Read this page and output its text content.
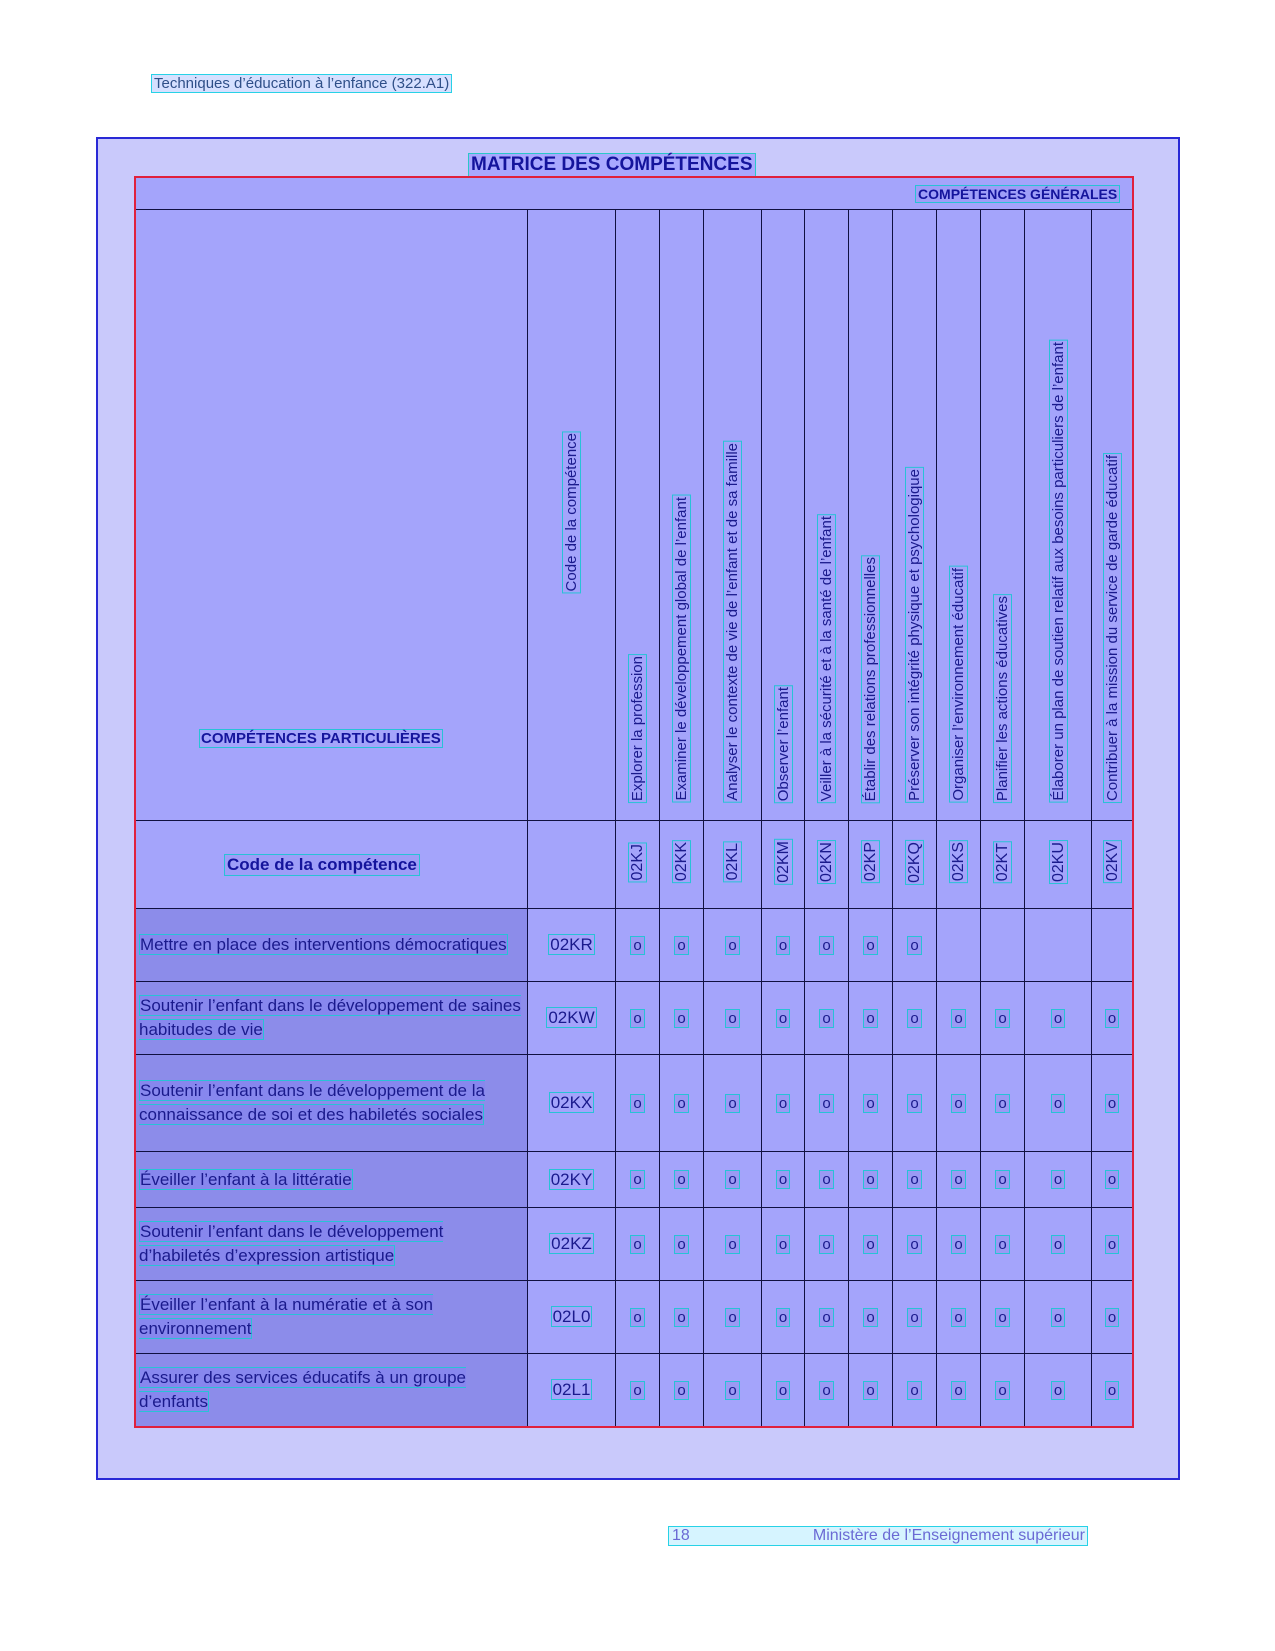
Techniques d’éducation à l’enfance (322.A1)
MATRICE DES COMPÉTENCES
COMPÉTENCES GÉNÉRALES												

COMPÉTENCES PARTICULIÈRES	Code de la compétence	Explorer la profession	Examiner le développement global de l’enfant	Analyser le contexte de vie de l’enfant et de sa famille	Observer l’enfant	Veiller à la sécurité et à la santé de l’enfant	Établir des relations professionnelles	Préserver son intégrité physique et psychologique	Organiser l’environnement éducatif	Planifier les actions éducatives	Élaborer un plan de soutien relatif aux besoins particuliers de l’enfant	Contribuer à la mission du service de garde éducatif

Code de la compétence		02KJ	02KK	02KL	02KM	02KN	02KP	02KQ	02KS	02KT	02KU	02KV
Mettre en place des interventions démocratiques	02KR	o	o	o	o	o	o	o				
Soutenir l’enfant dans le développement de saines habitudes de vie	02KW	o	o	o	o	o	o	o	o	o	o	o
Soutenir l’enfant dans le développement de la connaissance de soi et des habiletés sociales	02KX	o	o	o	o	o	o	o	o	o	o	o
Éveiller l’enfant à la littératie	02KY	o	o	o	o	o	o	o	o	o	o	o
Soutenir l’enfant dans le développement d’habiletés d’expression artistique	02KZ	o	o	o	o	o	o	o	o	o	o	o
Éveiller l’enfant à la numératie et à son environnement	02L0	o	o	o	o	o	o	o	o	o	o	o
Assurer des services éducatifs à un groupe d’enfants	02L1	o	o	o	o	o	o	o	o	o	o	o
18	Ministère de l’Enseignement supérieur
